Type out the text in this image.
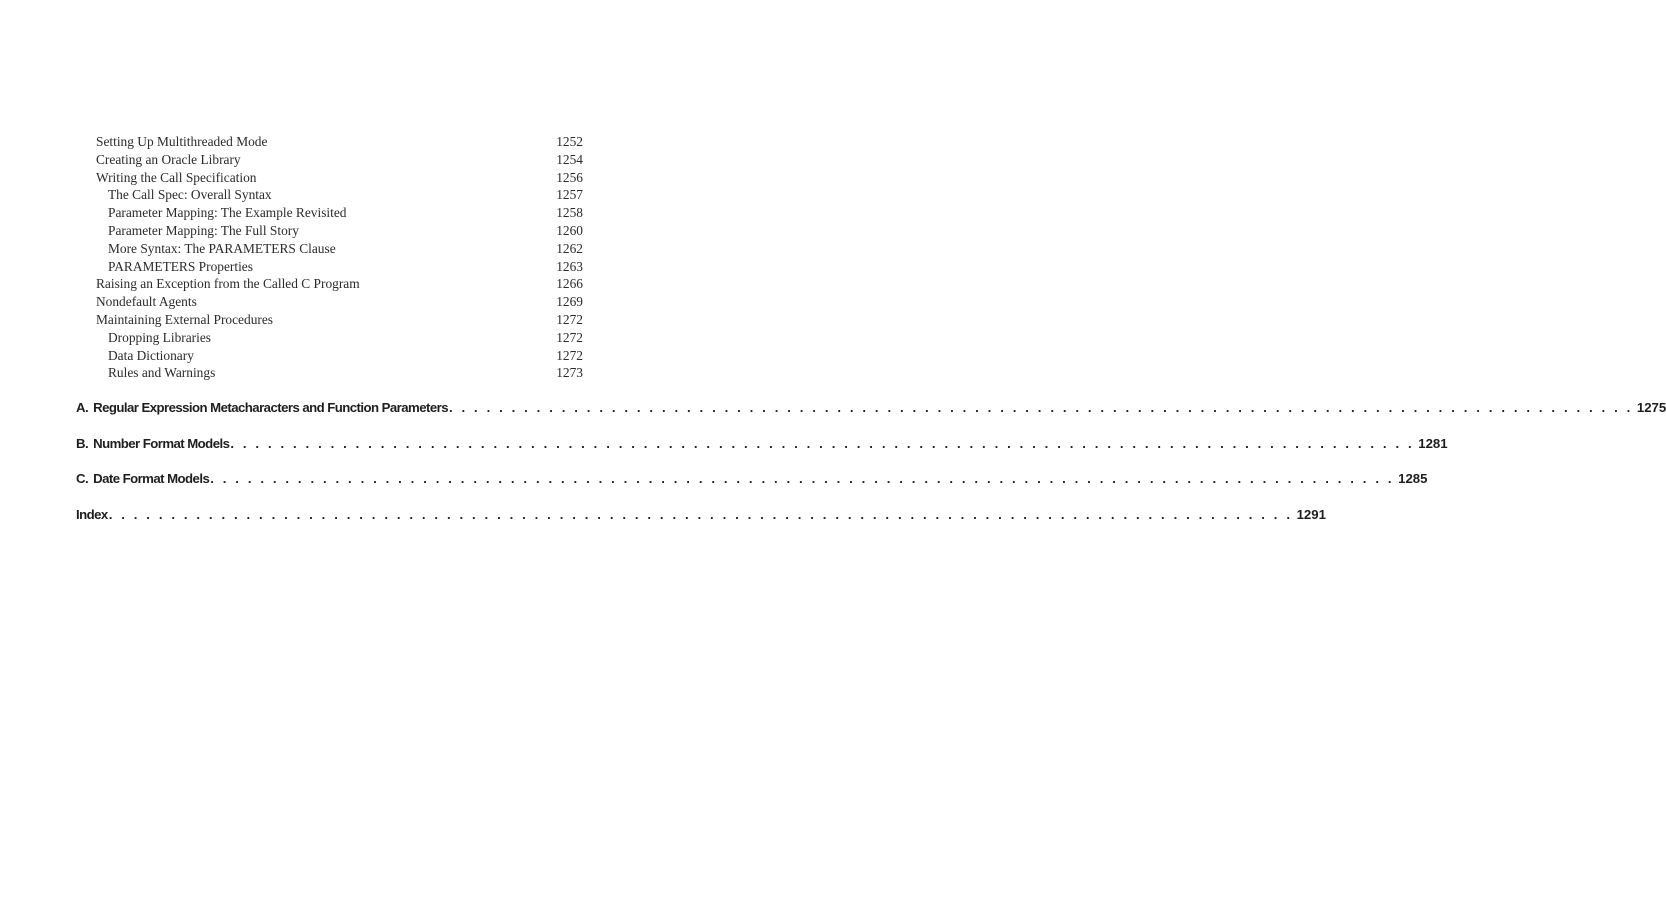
Setting Up Multithreaded Mode	1252
Creating an Oracle Library	1254
Writing the Call Specification	1256
The Call Spec: Overall Syntax	1257
Parameter Mapping: The Example Revisited	1258
Parameter Mapping: The Full Story	1260
More Syntax: The PARAMETERS Clause	1262
PARAMETERS Properties	1263
Raising an Exception from the Called C Program	1266
Nondefault Agents	1269
Maintaining External Procedures	1272
Dropping Libraries	1272
Data Dictionary	1272
Rules and Warnings	1273
A. Regular Expression Metacharacters and Function Parameters . . . . . . . . . . . . . . . . . . . . . . . . . . . . . . . . . . . . . . . . . . . . . . . . . . . . . . . . . . . . . . . . . . . . . . . . . . . . . . . . . . . . . . . . . . . . . . . 1275
B. Number Format Models . . . . . . . . . . . . . . . . . . . . . . . . . . . . . . . . . . . . . . . . . . . . . . . . . . . . . . . . . . . . . . . . . . . . . . . . . . . . . . . . . . . . . . . . . . . . . . . 1281
C. Date Format Models . . . . . . . . . . . . . . . . . . . . . . . . . . . . . . . . . . . . . . . . . . . . . . . . . . . . . . . . . . . . . . . . . . . . . . . . . . . . . . . . . . . . . . . . . . . . . . . 1285
Index . . . . . . . . . . . . . . . . . . . . . . . . . . . . . . . . . . . . . . . . . . . . . . . . . . . . . . . . . . . . . . . . . . . . . . . . . . . . . . . . . . . . . . . . . . . . . . . 1291
